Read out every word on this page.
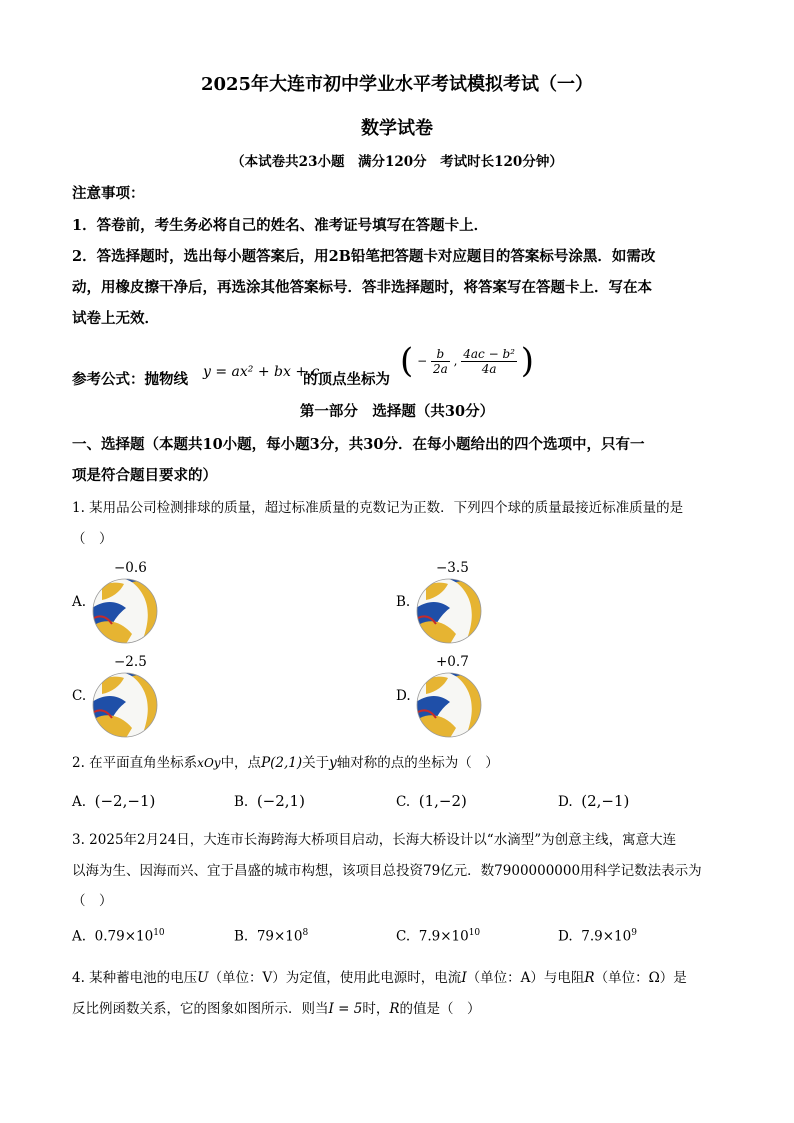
2025年大连市初中学业水平考试模拟考试（一）
数学试卷
（本试卷共23小题　满分120分　考试时长120分钟）
注意事项：
1．答卷前，考生务必将自己的姓名、准考证号填写在答题卡上．
2．答选择题时，选出每小题答案后，用2B铅笔把答题卡对应题目的答案标号涂黑．如需改
动，用橡皮擦干净后，再选涂其他答案标号．答非选择题时，将答案写在答题卡上．写在本
试卷上无效．
参考公式：抛物线 y = ax² + bx + c
的顶点坐标为 ( − $\frac{b}{2a}$ , $\frac{\text{4ac − b²}}{4a}$ )
第一部分　选择题（共30分）
一、选择题（本题共10小题，每小题3分，共30分．在每小题给出的四个选项中，只有一
项是符合题目要求的）
1. 某用品公司检测排球的质量，超过标准质量的克数记为正数．下列四个球的质量最接近标准质量的是
（　）
A.
−0.6
B.
−3.5
C.
−2.5
D.
+0.7
2. 在平面直角坐标系xOy中，点P(2,1)关于y轴对称的点的坐标为（　）
A. (−2,−1)	B. (−2,1)	C. (1,−2)	D. (2,−1)
3. 2025年2月24日，大连市长海跨海大桥项目启动，长海大桥设计以“水滴型”为创意主线，寓意大连
以海为生、因海而兴、宜于昌盛的城市构想，该项目总投资79亿元．数7900000000用科学记数法表示为
（　）
A. $0.79\times 10^{10}$	B. $79\times 10^8$	C. $7.9\times 10^{10}$	D. $7.9\times 10^9$
4. 某种蓄电池的电压U（单位：V）为定值，使用此电源时，电流I（单位：A）与电阻R（单位：Ω）是
反比例函数关系，它的图象如图所示．则当I = 5时，R的值是（　）
